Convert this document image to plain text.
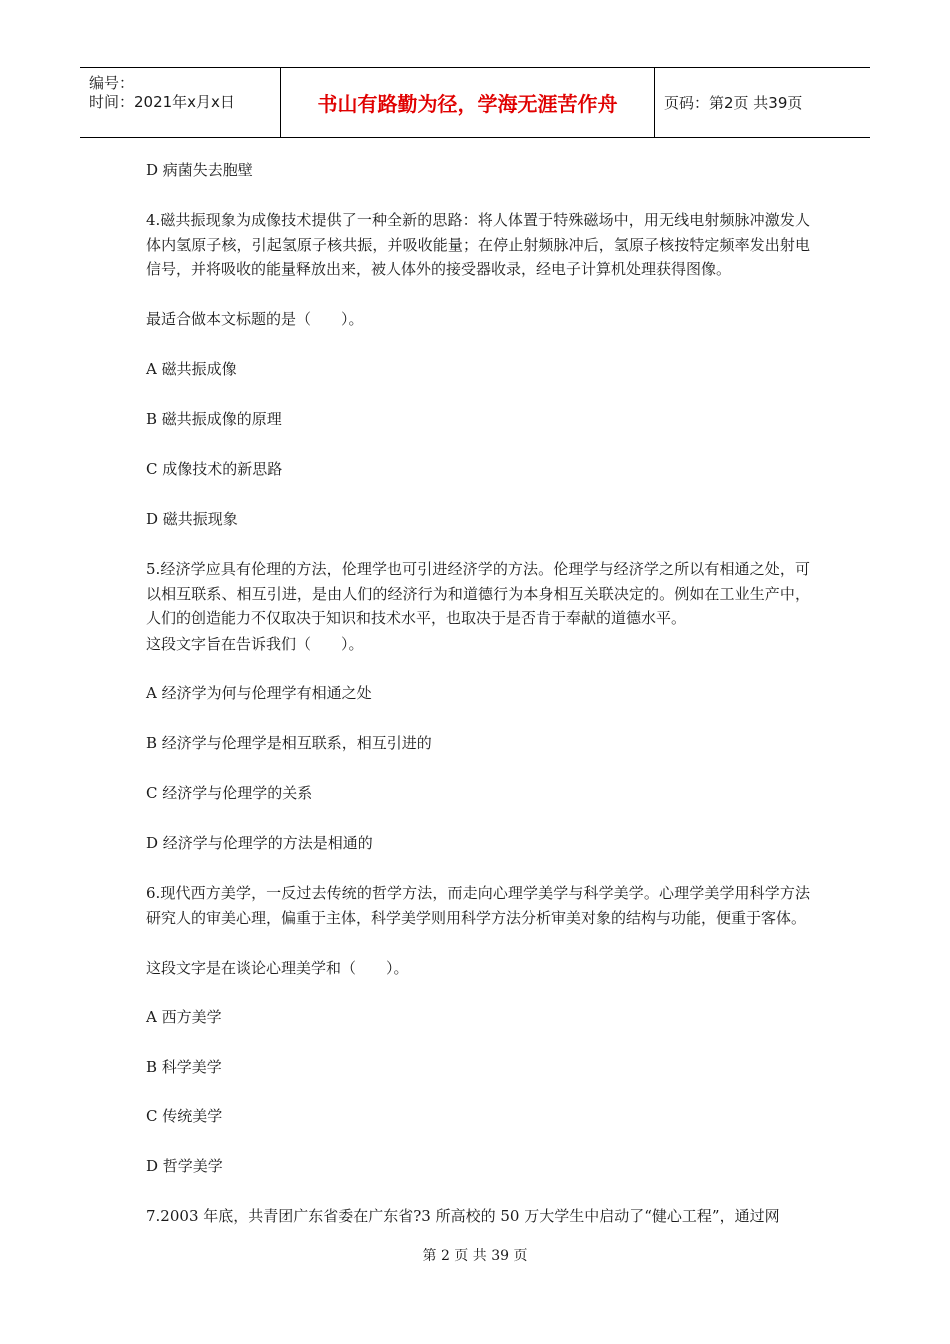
编号：
时间：2021年x月x日	书山有路勤为径，学海无涯苦作舟	页码：第2页 共39页
D 病菌失去胞壁
4.磁共振现象为成像技术提供了一种全新的思路：将人体置于特殊磁场中，用无线电射频脉冲激发人体内氢原子核，引起氢原子核共振，并吸收能量；在停止射频脉冲后，氢原子核按特定频率发出射电信号，并将吸收的能量释放出来，被人体外的接受器收录，经电子计算机处理获得图像。
最适合做本文标题的是（　　）。
A 磁共振成像
B 磁共振成像的原理
C 成像技术的新思路
D 磁共振现象
5.经济学应具有伦理的方法，伦理学也可引进经济学的方法。伦理学与经济学之所以有相通之处，可以相互联系、相互引进，是由人们的经济行为和道德行为本身相互关联决定的。例如在工业生产中，人们的创造能力不仅取决于知识和技术水平，也取决于是否肯于奉献的道德水平。
这段文字旨在告诉我们（　　）。
A 经济学为何与伦理学有相通之处
B 经济学与伦理学是相互联系，相互引进的
C 经济学与伦理学的关系
D 经济学与伦理学的方法是相通的
6.现代西方美学，一反过去传统的哲学方法，而走向心理学美学与科学美学。心理学美学用科学方法研究人的审美心理，偏重于主体，科学美学则用科学方法分析审美对象的结构与功能，便重于客体。
这段文字是在谈论心理美学和（　　）。
A 西方美学
B 科学美学
C 传统美学
D 哲学美学
7.2003 年底，共青团广东省委在广东省?3 所高校的 50 万大学生中启动了“健心工程”，通过网
第 2 页 共 39 页
